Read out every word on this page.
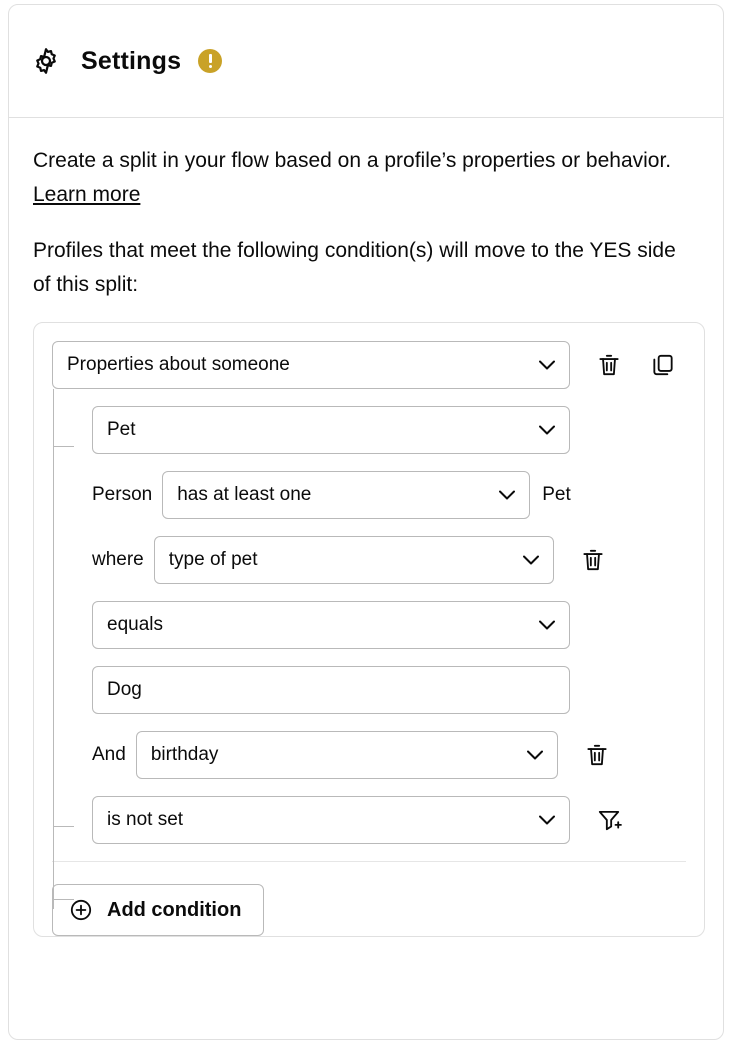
Settings

Create a split in your flow based on a profile’s properties or behavior. Learn more

Profiles that meet the following condition(s) will move to the YES side of this split:

Properties about someone
Pet
Person has at least one	Pet
where type of pet
equals
Dog
And birthday
is not set
Add condition
